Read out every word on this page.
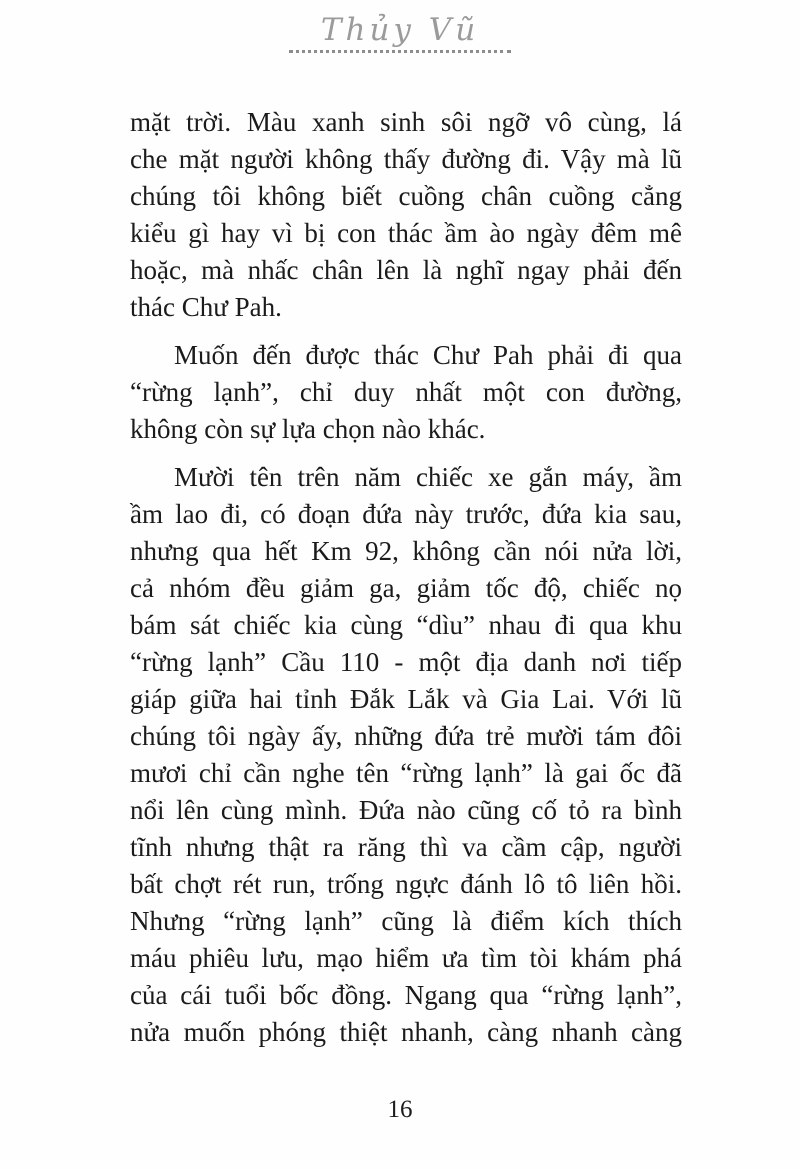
Thủy Vũ
mặt trời. Màu xanh sinh sôi ngỡ vô cùng, lá
che mặt người không thấy đường đi. Vậy mà lũ
chúng tôi không biết cuồng chân cuồng cẳng
kiểu gì hay vì bị con thác ầm ào ngày đêm mê
hoặc, mà nhấc chân lên là nghĩ ngay phải đến
thác Chư Pah.
Muốn đến được thác Chư Pah phải đi qua
“rừng lạnh”, chỉ duy nhất một con đường,
không còn sự lựa chọn nào khác.
Mười tên trên năm chiếc xe gắn máy, ầm
ầm lao đi, có đoạn đứa này trước, đứa kia sau,
nhưng qua hết Km 92, không cần nói nửa lời,
cả nhóm đều giảm ga, giảm tốc độ, chiếc nọ
bám sát chiếc kia cùng “dìu” nhau đi qua khu
“rừng lạnh” Cầu 110 - một địa danh nơi tiếp
giáp giữa hai tỉnh Đắk Lắk và Gia Lai. Với lũ
chúng tôi ngày ấy, những đứa trẻ mười tám đôi
mươi chỉ cần nghe tên “rừng lạnh” là gai ốc đã
nổi lên cùng mình. Đứa nào cũng cố tỏ ra bình
tĩnh nhưng thật ra răng thì va cầm cập, người
bất chợt rét run, trống ngực đánh lô tô liên hồi.
Nhưng “rừng lạnh” cũng là điểm kích thích
máu phiêu lưu, mạo hiểm ưa tìm tòi khám phá
của cái tuổi bốc đồng. Ngang qua “rừng lạnh”,
nửa muốn phóng thiệt nhanh, càng nhanh càng
16
